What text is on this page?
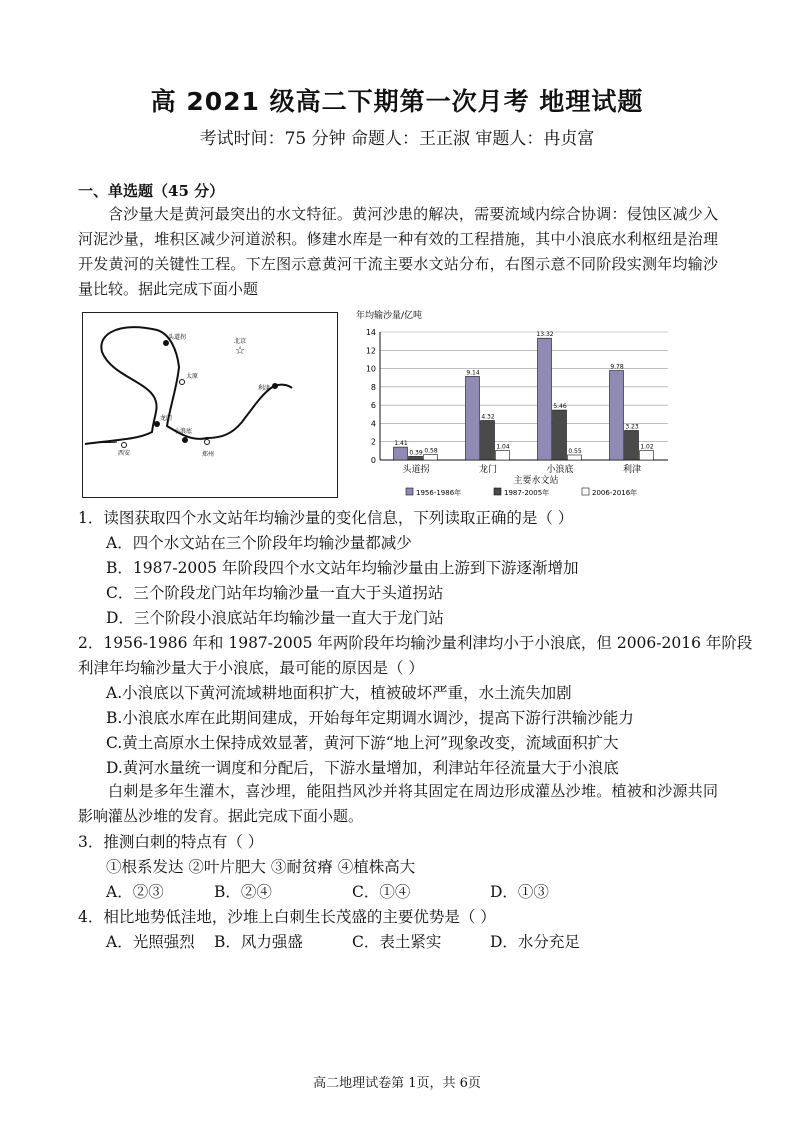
高 2021 级高二下期第一次月考 地理试题
考试时间：75 分钟 命题人：王正淑 审题人：冉贞富
一、单选题（45 分）
含沙量大是黄河最突出的水文特征。黄河沙患的解决，需要流域内综合协调：侵蚀区减少入河泥沙量，堆积区减少河道淤积。修建水库是一种有效的工程措施，其中小浪底水利枢纽是治理开发黄河的关键性工程。下左图示意黄河干流主要水文站分布，右图示意不同阶段实测年均输沙量比较。据此完成下面小题
☆
头道拐
北京
太原
龙门
小浪底
利津
西安	郑州
年均输沙量/亿吨
0
2
4
6
8
10
12
14
1.41
0.39 0.58
9.14
4.32
1.04
13.32
5.46
0.55
9.78
3.23
1.02
头道拐	龙门	小浪底	利津
主要水文站
1956-1986年	1987-2005年	2006-2016年
1．读图获取四个水文站年均输沙量的变化信息，下列读取正确的是（ ）
A．四个水文站在三个阶段年均输沙量都减少
B．1987-2005 年阶段四个水文站年均输沙量由上游到下游逐渐增加
C．三个阶段龙门站年均输沙量一直大于头道拐站
D．三个阶段小浪底站年均输沙量一直大于龙门站
2．1956-1986 年和 1987-2005 年两阶段年均输沙量利津均小于小浪底，但 2006-2016 年阶段
利津年均输沙量大于小浪底，最可能的原因是（ ）
A.小浪底以下黄河流域耕地面积扩大，植被破坏严重，水土流失加剧
B.小浪底水库在此期间建成，开始每年定期调水调沙，提高下游行洪输沙能力
C.黄土高原水土保持成效显著，黄河下游“地上河”现象改变，流域面积扩大
D.黄河水量统一调度和分配后，下游水量增加，利津站年径流量大于小浪底
白刺是多年生灌木，喜沙埋，能阻挡风沙并将其固定在周边形成灌丛沙堆。植被和沙源共同影响灌丛沙堆的发育。据此完成下面小题。
3．推测白刺的特点有（ ）
①根系发达 ②叶片肥大 ③耐贫瘠 ④植株高大
A．②③	B．②④	C．①④	D．①③
4．相比地势低洼地，沙堆上白刺生长茂盛的主要优势是（ ）
A．光照强烈 B．风力强盛	C．表土紧实	D．水分充足
高二地理试卷第 1页，共 6页
